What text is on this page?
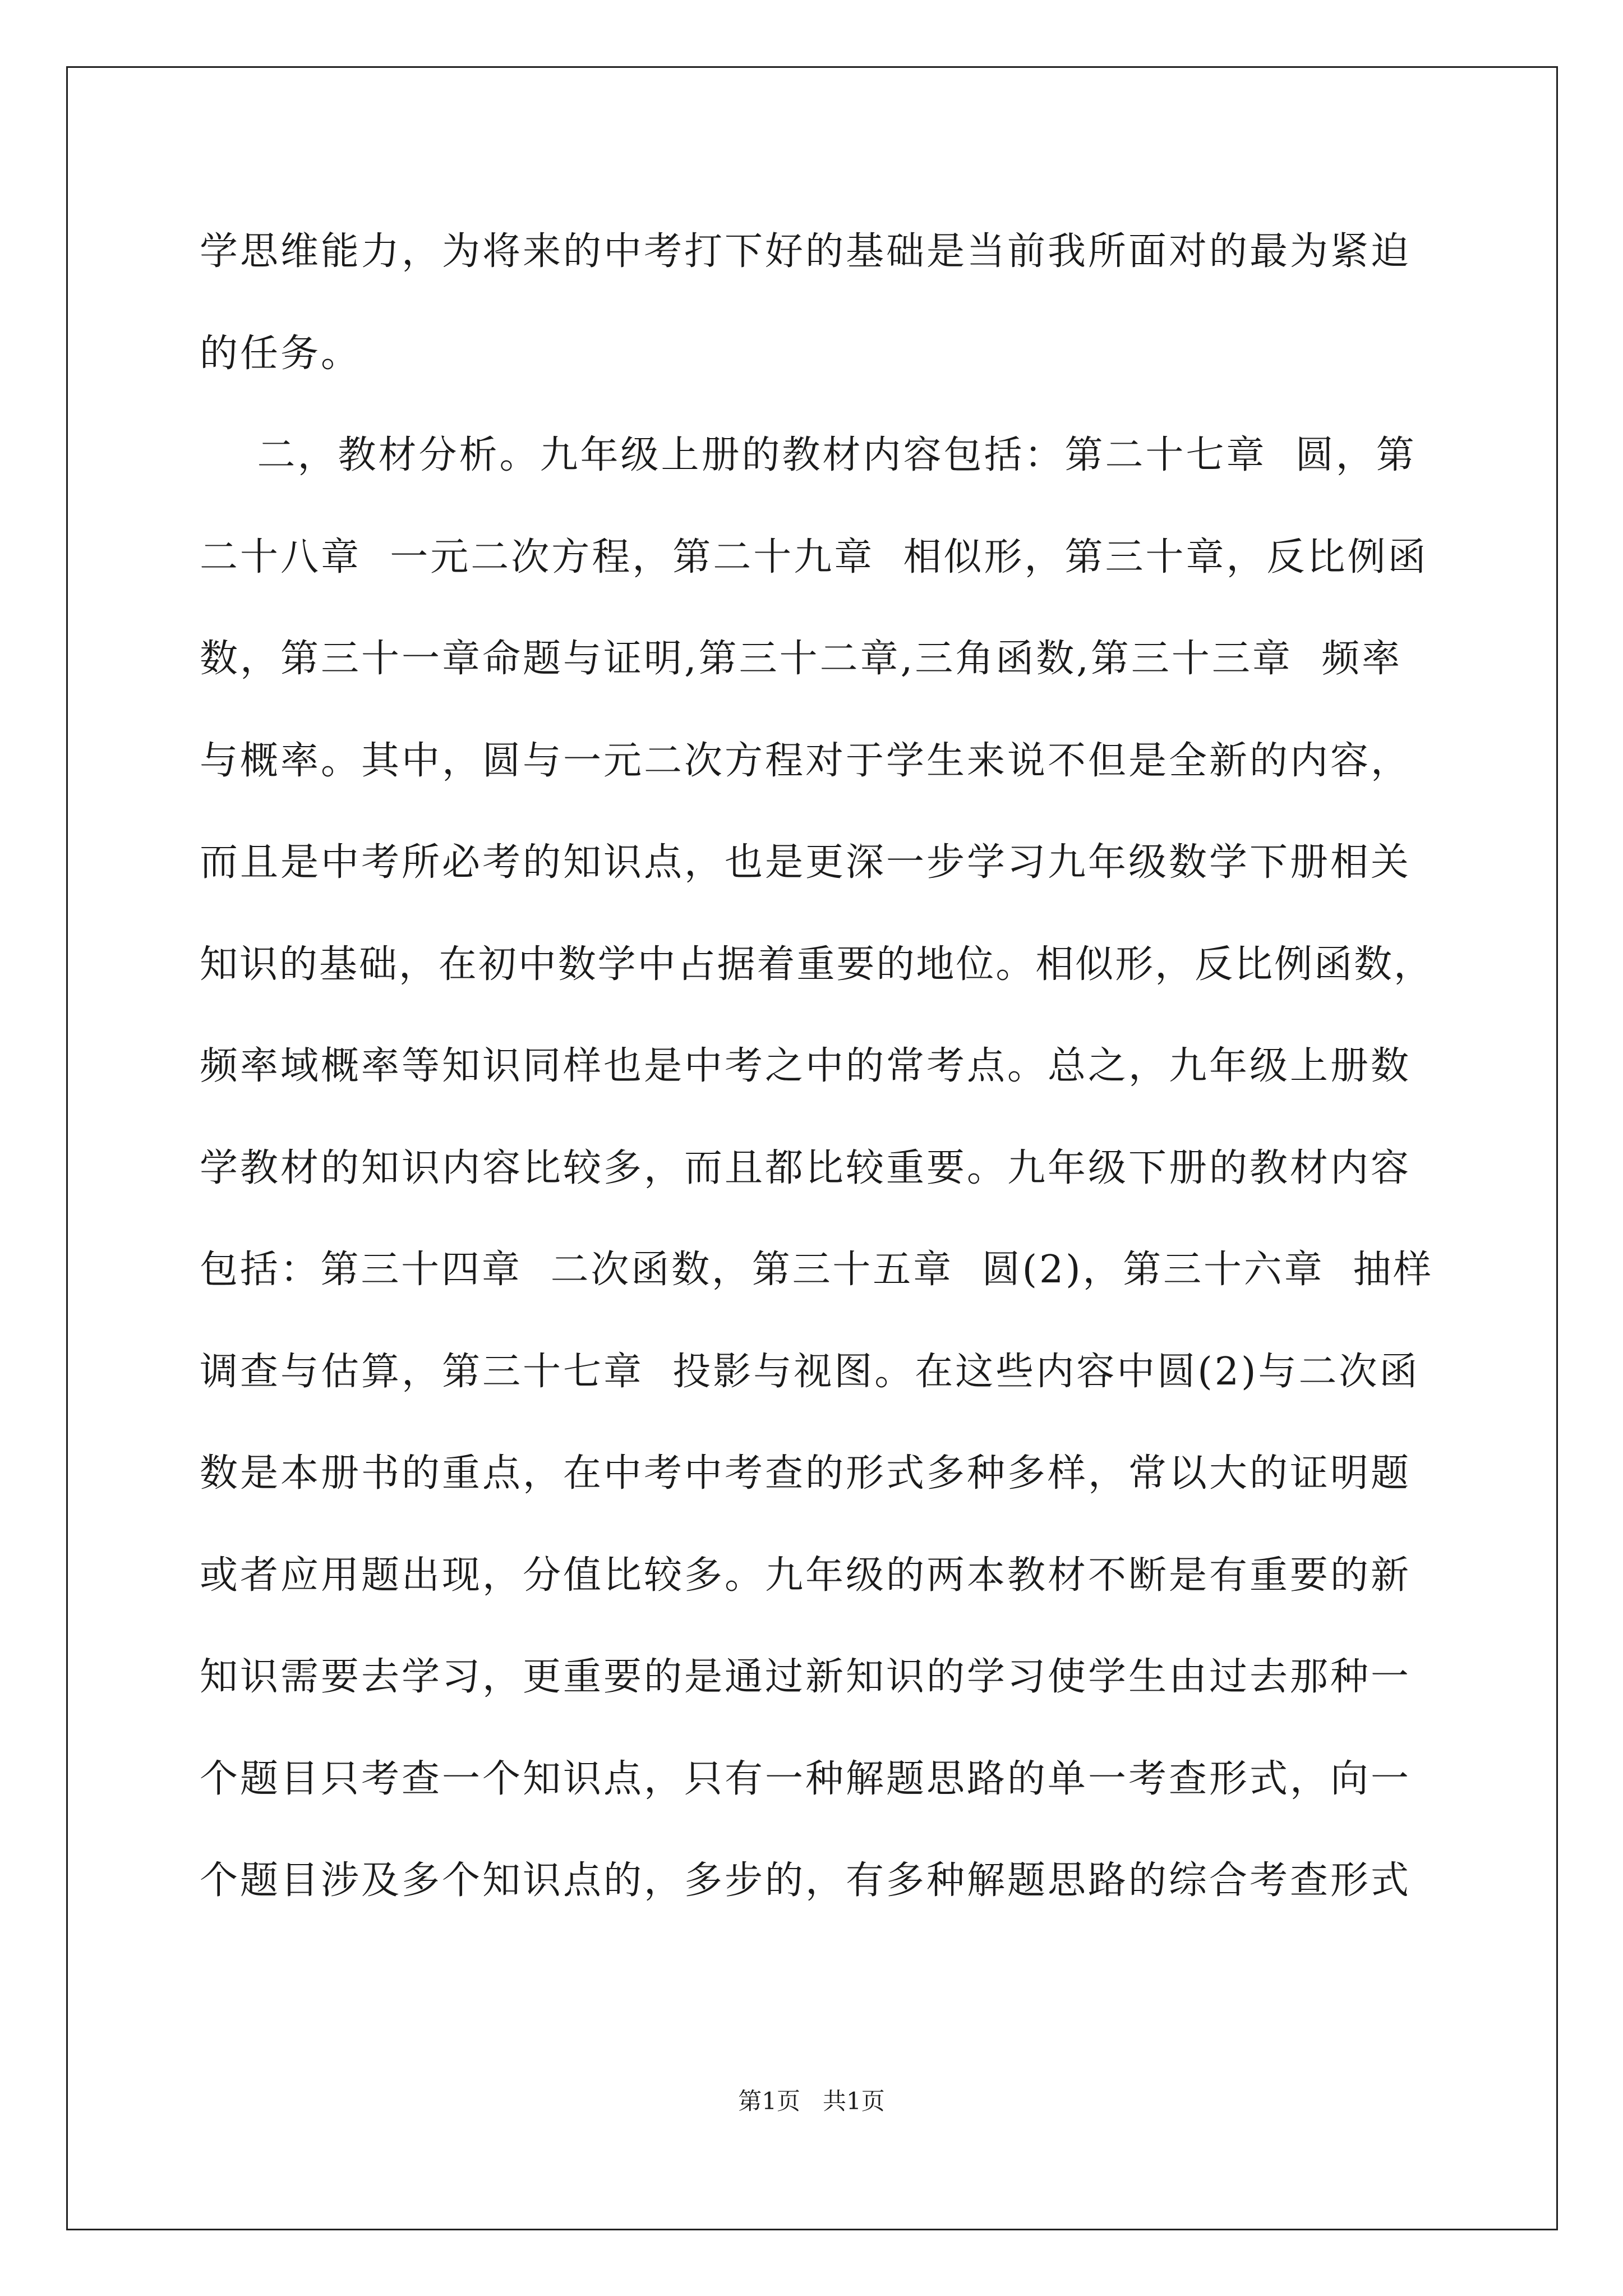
学思维能力，为将来的中考打下好的基础是当前我所面对的最为紧迫
的任务。
二，教材分析。九年级上册的教材内容包括：第二十七章  圆，第
二十八章  一元二次方程，第二十九章  相似形，第三十章，反比例函
数，第三十一章命题与证明,第三十二章,三角函数,第三十三章  频率
与概率。其中，圆与一元二次方程对于学生来说不但是全新的内容，
而且是中考所必考的知识点，也是更深一步学习九年级数学下册相关
知识的基础，在初中数学中占据着重要的地位。相似形，反比例函数，
频率域概率等知识同样也是中考之中的常考点。总之，九年级上册数
学教材的知识内容比较多，而且都比较重要。九年级下册的教材内容
包括：第三十四章  二次函数，第三十五章  圆(2)，第三十六章  抽样
调查与估算，第三十七章  投影与视图。在这些内容中圆(2)与二次函
数是本册书的重点，在中考中考查的形式多种多样，常以大的证明题
或者应用题出现，分值比较多。九年级的两本教材不断是有重要的新
知识需要去学习，更重要的是通过新知识的学习使学生由过去那种一
个题目只考查一个知识点，只有一种解题思路的单一考查形式，向一
个题目涉及多个知识点的，多步的，有多种解题思路的综合考查形式
第1页   共1页
